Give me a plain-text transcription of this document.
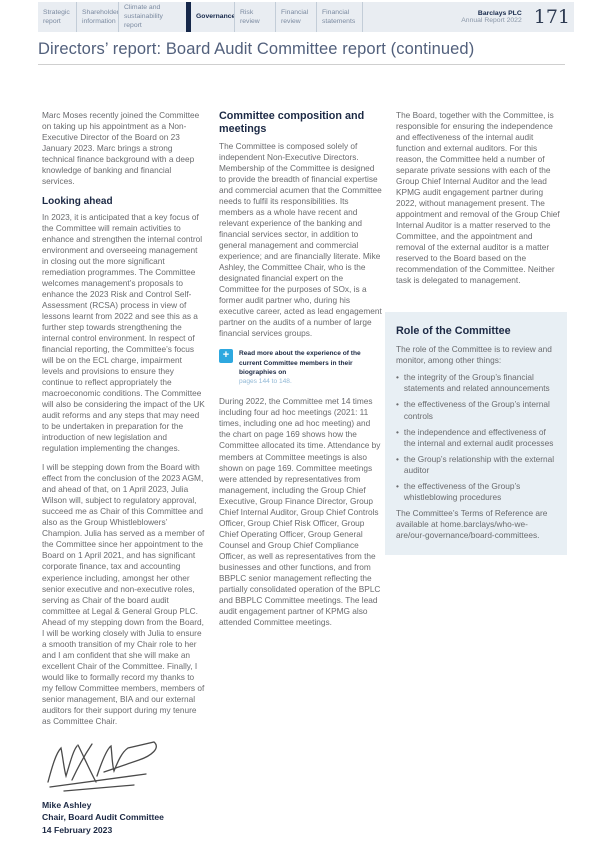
Strategic report
Shareholder information
Climate and sustainability report
Governance
Risk review
Financial review
Financial statements
Barclays PLC
Annual Report 2022 171
Directors’ report: Board Audit Committee report (continued)

Marc Moses recently joined the Committee on taking up his appointment as a Non-Executive Director of the Board on 23 January 2023. Marc brings a strong technical finance background with a deep knowledge of banking and financial services.

Looking ahead

In 2023, it is anticipated that a key focus of the Committee will remain activities to enhance and strengthen the internal control environment and overseeing management in closing out the more significant remediation programmes. The Committee welcomes management’s proposals to enhance the 2023 Risk and Control Self-Assessment (RCSA) process in view of lessons learnt from 2022 and see this as a further step towards strengthening the internal control environment. In respect of financial reporting, the Committee’s focus will be on the ECL charge, impairment levels and provisions to ensure they continue to reflect appropriately the macroeconomic conditions. The Committee will also be considering the impact of the UK audit reforms and any steps that may need to be undertaken in preparation for the introduction of new legislation and regulation implementing the changes.

I will be stepping down from the Board with effect from the conclusion of the 2023 AGM, and ahead of that, on 1 April 2023, Julia Wilson will, subject to regulatory approval, succeed me as Chair of this Committee and also as the Group Whistleblowers’ Champion. Julia has served as a member of the Committee since her appointment to the Board on 1 April 2021, and has significant corporate finance, tax and accounting experience including, amongst her other senior executive and non-executive roles, serving as Chair of the board audit committee at Legal & General Group PLC. Ahead of my stepping down from the Board, I will be working closely with Julia to ensure a smooth transition of my Chair role to her and I am confident that she will make an excellent Chair of the Committee. Finally, I would like to formally record my thanks to my fellow Committee members, members of senior management, BIA and our external auditors for their support during my tenure as Committee Chair.

Mike Ashley
Chair, Board Audit Committee
14 February 2023
Committee composition and meetings

The Committee is composed solely of independent Non-Executive Directors. Membership of the Committee is designed to provide the breadth of financial expertise and commercial acumen that the Committee needs to fulfil its responsibilities. Its members as a whole have recent and relevant experience of the banking and financial services sector, in addition to general management and commercial experience; and are financially literate. Mike Ashley, the Committee Chair, who is the designated financial expert on the Committee for the purposes of SOx, is a former audit partner who, during his executive career, acted as lead engagement partner on the audits of a number of large financial services groups.

+	Read more about the experience of the current Committee members in their biographies on
pages 144 to 148.

During 2022, the Committee met 14 times including four ad hoc meetings (2021: 11 times, including one ad hoc meeting) and the chart on page 169 shows how the Committee allocated its time. Attendance by members at Committee meetings is also shown on page 169. Committee meetings were attended by representatives from management, including the Group Chief Executive, Group Finance Director, Group Chief Internal Auditor, Group Chief Controls Officer, Group Chief Risk Officer, Group Chief Operating Officer, Group General Counsel and Group Chief Compliance Officer, as well as representatives from the businesses and other functions, and from BBPLC senior management reflecting the partially consolidated operation of the BPLC and BBPLC Committee meetings. The lead audit engagement partner of KPMG also attended Committee meetings.

The Board, together with the Committee, is responsible for ensuring the independence and effectiveness of the internal audit function and external auditors. For this reason, the Committee held a number of separate private sessions with each of the Group Chief Internal Auditor and the lead KPMG audit engagement partner during 2022, without management present. The appointment and removal of the Group Chief Internal Auditor is a matter reserved to the Committee, and the appointment and removal of the external auditor is a matter reserved to the Board based on the recommendation of the Committee. Neither task is delegated to management.

Role of the Committee

The role of the Committee is to review and monitor, among other things:

• the integrity of the Group’s financial statements and related announcements
• the effectiveness of the Group’s internal controls
• the independence and effectiveness of the internal and external audit processes
• the Group’s relationship with the external auditor
• the effectiveness of the Group’s whistleblowing procedures

The Committee’s Terms of Reference are available at home.barclays/who-we-are/our-governance/board-committees.
